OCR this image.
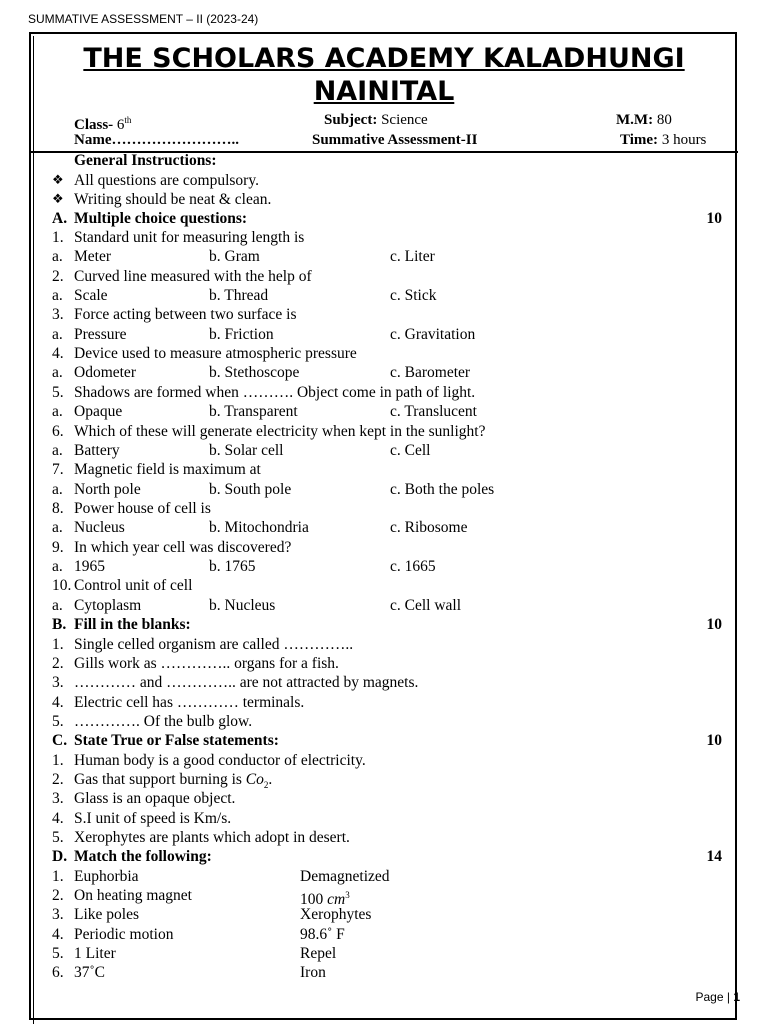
SUMMATIVE ASSESSMENT – II (2023-24)
THE SCHOLARS ACADEMY KALADHUNGI
NAINITAL
Class- 6th	Subject: Science	M.M: 80
Name……………………..	Summative Assessment-II	Time: 3 hours
General Instructions:
❖ All questions are compulsory.
❖ Writing should be neat & clean.
A. Multiple choice questions:	10
1. Standard unit for measuring length is
a. Meter	b. Gram	c. Liter
2. Curved line measured with the help of
a. Scale	b. Thread	c. Stick
3. Force acting between two surface is
a. Pressure	b. Friction	c. Gravitation
4. Device used to measure atmospheric pressure
a. Odometer	b. Stethoscope	c. Barometer
5. Shadows are formed when ………. Object come in path of light.
a. Opaque	b. Transparent	c. Translucent
6. Which of these will generate electricity when kept in the sunlight?
a. Battery	b. Solar cell	c. Cell
7. Magnetic field is maximum at
a. North pole	b. South pole	c. Both the poles
8. Power house of cell is
a. Nucleus	b. Mitochondria	c. Ribosome
9. In which year cell was discovered?
a. 1965	b. 1765	c. 1665
10. Control unit of cell
a. Cytoplasm	b. Nucleus	c. Cell wall
B. Fill in the blanks:	10
1. Single celled organism are called …………..
2. Gills work as ………….. organs for a fish.
3. ………… and ………….. are not attracted by magnets.
4. Electric cell has ………… terminals.
5. …………. Of the bulb glow.
C. State True or False statements:	10
1. Human body is a good conductor of electricity.
2. Gas that support burning is $Co_2$.
3. Glass is an opaque object.
4. S.I unit of speed is Km/s.
5. Xerophytes are plants which adopt in desert.
D. Match the following:	14
1. Euphorbia	Demagnetized
2. On heating magnet	100 $cm^3$
3. Like poles	Xerophytes
4. Periodic motion	98.6˚ F
5. 1 Liter	Repel
6. 37˚C	Iron
Page | 1
